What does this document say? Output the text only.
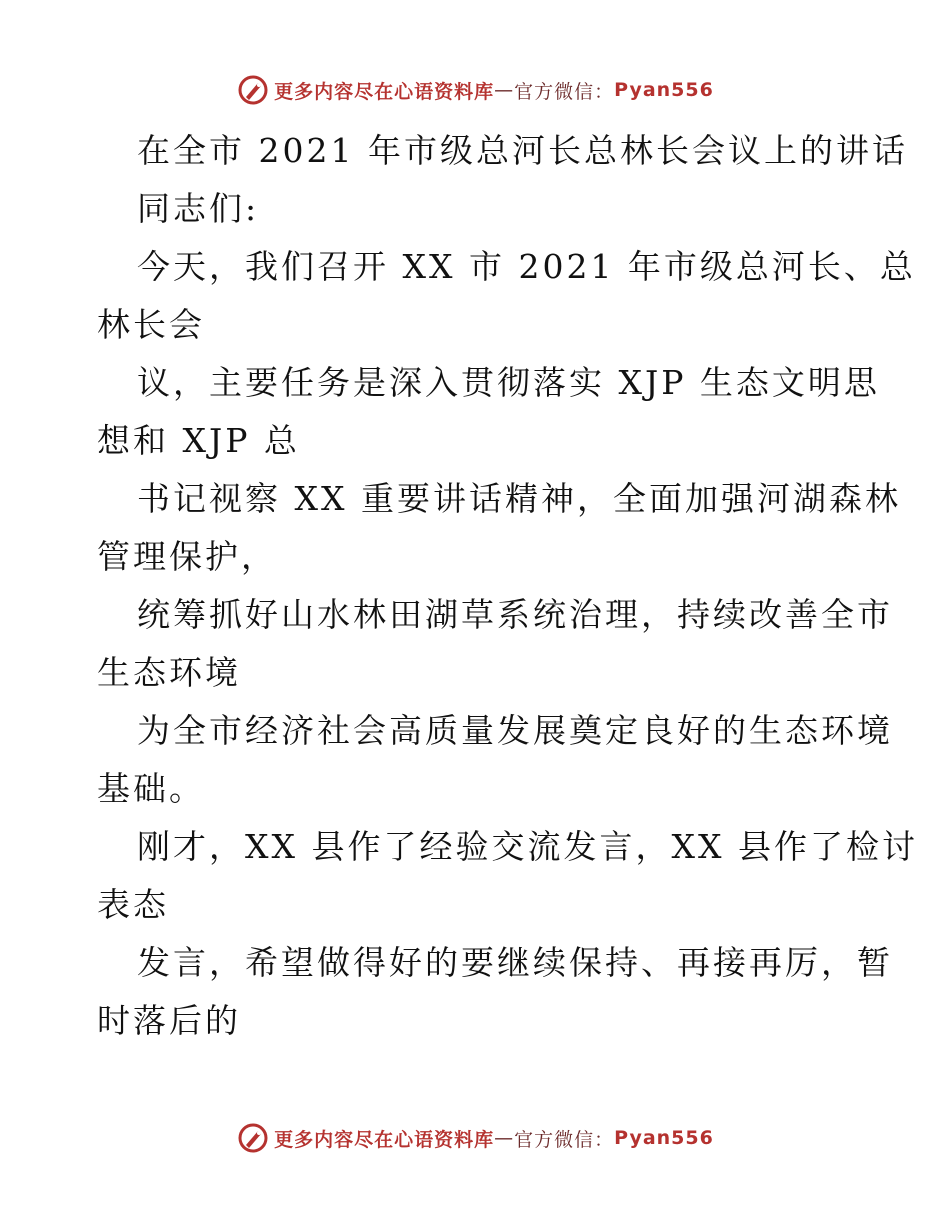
更多内容尽在心语资料库 — 官方微信： Pyan556
在全市 2021 年市级总河长总林长会议上的讲话
同志们:
今天，我们召开 XX 市 2021 年市级总河长、总
林长会
议，主要任务是深入贯彻落实 XJP 生态文明思
想和 XJP 总
书记视察 XX 重要讲话精神，全面加强河湖森林
管理保护，
统筹抓好山水林田湖草系统治理，持续改善全市
生态环境
为全市经济社会高质量发展奠定良好的生态环境
基础。
刚才，XX 县作了经验交流发言，XX 县作了检讨
表态
发言，希望做得好的要继续保持、再接再厉，暂
时落后的
更多内容尽在心语资料库 — 官方微信： Pyan556
